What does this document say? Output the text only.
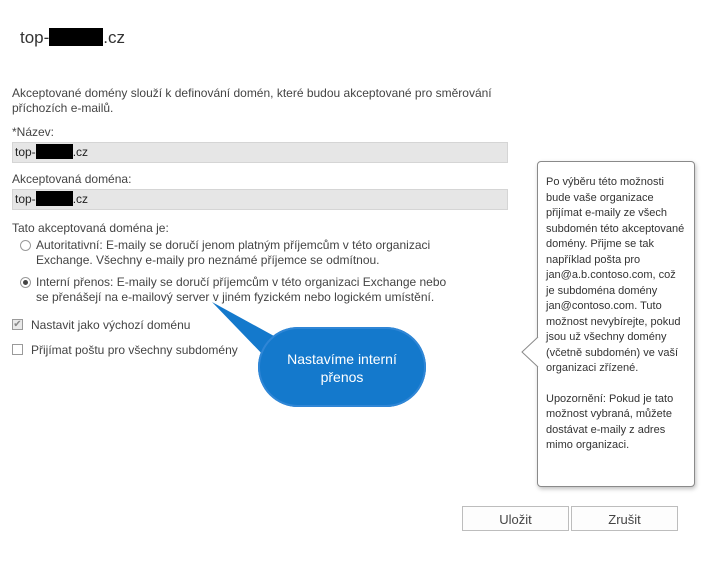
top-	.cz
Akceptované domény slouží k definování domén, které budou akceptované pro směrování příchozích e-mailů.
*Název:
top-	.cz
Akceptovaná doména:
top-	.cz
Tato akceptovaná doména je:
Autoritativní: E-maily se doručí jenom platným příjemcům v této organizaci Exchange. Všechny e-maily pro neznámé příjemce se odmítnou.
Interní přenos: E-maily se doručí příjemcům v této organizaci Exchange nebo se přenášejí na e-mailový server v jiném fyzickém nebo logickém umístění.
✔ Nastavit jako výchozí doménu
Přijímat poštu pro všechny subdomény
Nastavíme interní
přenos

Po výběru této možnosti bude vaše organizace přijímat e-maily ze všech subdomén této akceptované domény. Přijme se tak například pošta pro jan@a.b.contoso.com, což je subdoména domény jan@contoso.com. Tuto možnost nevybírejte, pokud jsou už všechny domény (včetně subdomén) ve vaší organizaci zřízené.

Upozornění: Pokud je tato možnost vybraná, můžete dostávat e-maily z adres mimo organizaci.

Uložit	Zrušit
